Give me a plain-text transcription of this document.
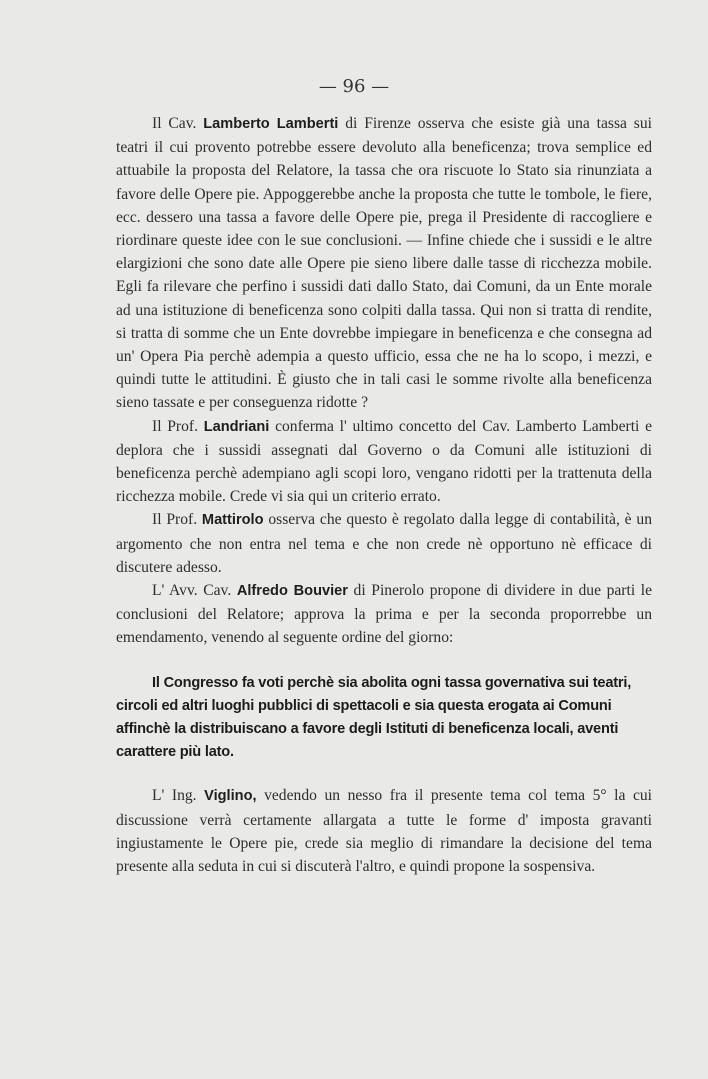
— 96 —

Il Cav. Lamberto Lamberti di Firenze osserva che esiste già una tassa sui teatri il cui provento potrebbe essere devoluto alla beneficenza; trova semplice ed attuabile la proposta del Relatore, la tassa che ora riscuote lo Stato sia rinunziata a favore delle Opere pie. Appoggerebbe anche la proposta che tutte le tombole, le fiere, ecc. dessero una tassa a favore delle Opere pie, prega il Presidente di raccogliere e riordinare queste idee con le sue conclusioni. — Infine chiede che i sussidi e le altre elargizioni che sono date alle Opere pie sieno libere dalle tasse di ricchezza mobile. Egli fa rilevare che perfino i sussidi dati dallo Stato, dai Comuni, da un Ente morale ad una istituzione di beneficenza sono colpiti dalla tassa. Qui non si tratta di rendite, si tratta di somme che un Ente dovrebbe impiegare in beneficenza e che consegna ad un' Opera Pia perchè adempia a questo ufficio, essa che ne ha lo scopo, i mezzi, e quindi tutte le attitudini. È giusto che in tali casi le somme rivolte alla beneficenza sieno tassate e per conseguenza ridotte ?

Il Prof. Landriani conferma l' ultimo concetto del Cav. Lamberto Lamberti e deplora che i sussidi assegnati dal Governo o da Comuni alle istituzioni di beneficenza perchè adempiano agli scopi loro, vengano ridotti per la trattenuta della ricchezza mobile. Crede vi sia qui un criterio errato.

Il Prof. Mattirolo osserva che questo è regolato dalla legge di contabilità, è un argomento che non entra nel tema e che non crede nè opportuno nè efficace di discutere adesso.

L' Avv. Cav. Alfredo Bouvier di Pinerolo propone di dividere in due parti le conclusioni del Relatore; approva la prima e per la seconda proporrebbe un emendamento, venendo al seguente ordine del giorno:

Il Congresso fa voti perchè sia abolita ogni tassa governativa sui teatri,
circoli ed altri luoghi pubblici di spettacoli e sia questa erogata ai Comuni
affinchè la distribuiscano a favore degli Istituti di beneficenza locali, aventi
carattere più lato.

L' Ing. Viglino, vedendo un nesso fra il presente tema col tema 5° la cui discussione verrà certamente allargata a tutte le forme d' imposta gravanti ingiustamente le Opere pie, crede sia meglio di rimandare la decisione del tema presente alla seduta in cui si discuterà l'altro, e quindi propone la sospensiva.
